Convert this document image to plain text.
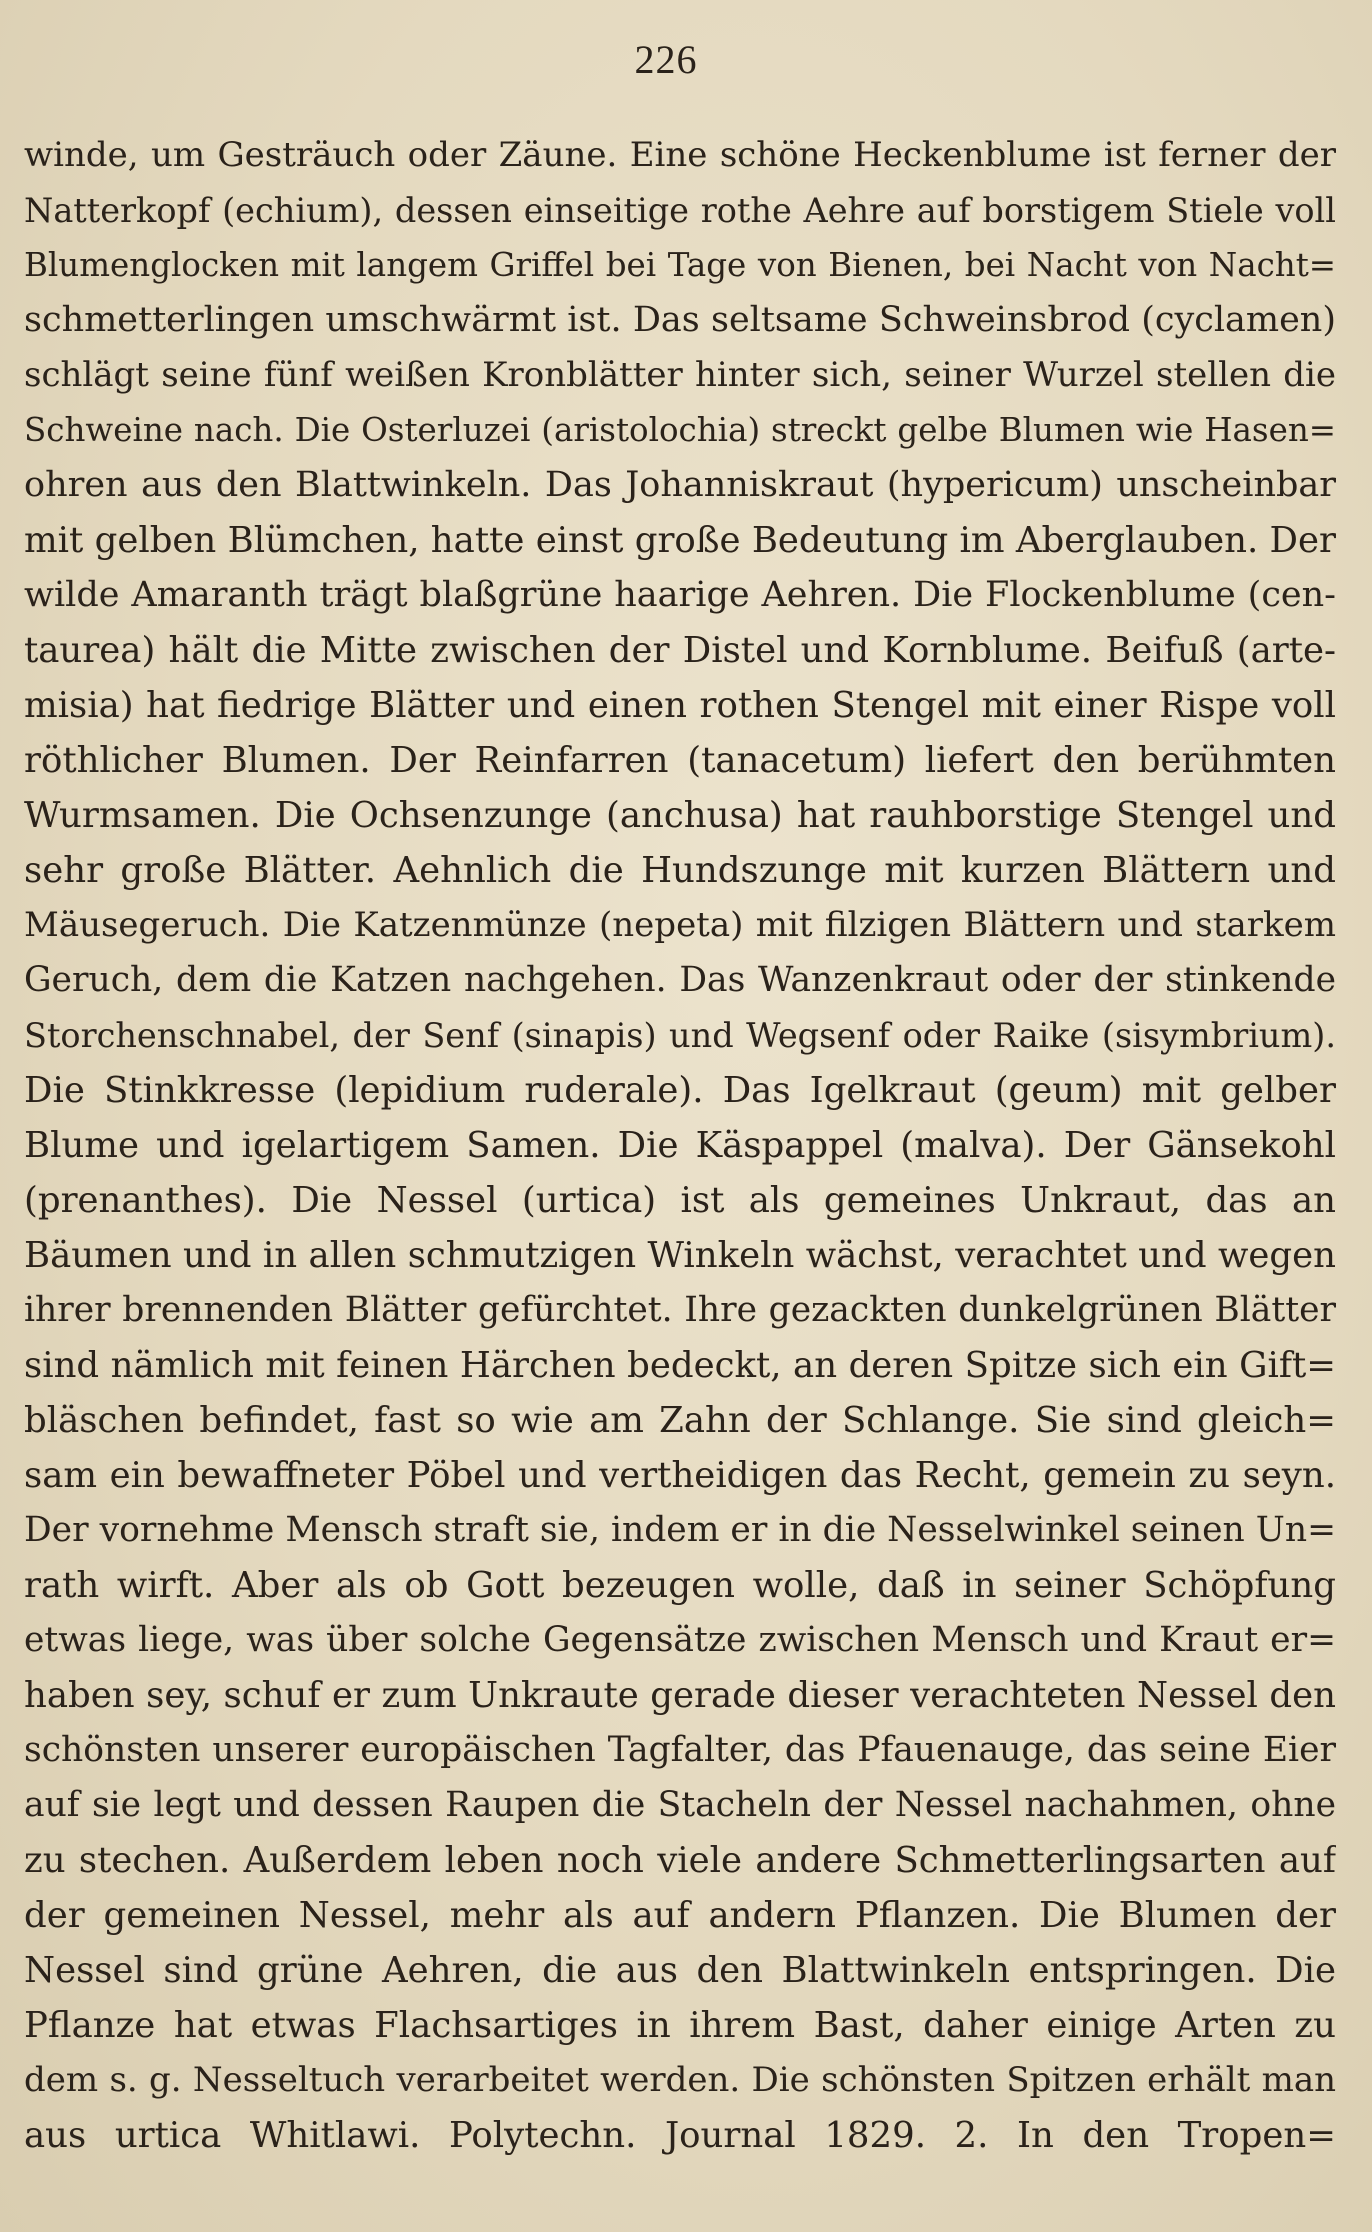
226
winde, um Gesträuch oder Zäune. Eine schöne Heckenblume ist ferner der
Natterkopf (echium), dessen einseitige rothe Aehre auf borstigem Stiele voll
Blumenglocken mit langem Griffel bei Tage von Bienen, bei Nacht von Nacht=
schmetterlingen umschwärmt ist. Das seltsame Schweinsbrod (cyclamen)
schlägt seine fünf weißen Kronblätter hinter sich, seiner Wurzel stellen die
Schweine nach. Die Osterluzei (aristolochia) streckt gelbe Blumen wie Hasen=
ohren aus den Blattwinkeln. Das Johanniskraut (hypericum) unscheinbar
mit gelben Blümchen, hatte einst große Bedeutung im Aberglauben. Der
wilde Amaranth trägt blaßgrüne haarige Aehren. Die Flockenblume (cen-
taurea) hält die Mitte zwischen der Distel und Kornblume. Beifuß (arte-
misia) hat fiedrige Blätter und einen rothen Stengel mit einer Rispe voll
röthlicher Blumen. Der Reinfarren (tanacetum) liefert den berühmten
Wurmsamen. Die Ochsenzunge (anchusa) hat rauhborstige Stengel und
sehr große Blätter. Aehnlich die Hundszunge mit kurzen Blättern und
Mäusegeruch. Die Katzenmünze (nepeta) mit filzigen Blättern und starkem
Geruch, dem die Katzen nachgehen. Das Wanzenkraut oder der stinkende
Storchenschnabel, der Senf (sinapis) und Wegsenf oder Raike (sisymbrium).
Die Stinkkresse (lepidium ruderale). Das Igelkraut (geum) mit gelber
Blume und igelartigem Samen. Die Käspappel (malva). Der Gänsekohl
(prenanthes). Die Nessel (urtica) ist als gemeines Unkraut, das an
Bäumen und in allen schmutzigen Winkeln wächst, verachtet und wegen
ihrer brennenden Blätter gefürchtet. Ihre gezackten dunkelgrünen Blätter
sind nämlich mit feinen Härchen bedeckt, an deren Spitze sich ein Gift=
bläschen befindet, fast so wie am Zahn der Schlange. Sie sind gleich=
sam ein bewaffneter Pöbel und vertheidigen das Recht, gemein zu seyn.
Der vornehme Mensch straft sie, indem er in die Nesselwinkel seinen Un=
rath wirft. Aber als ob Gott bezeugen wolle, daß in seiner Schöpfung
etwas liege, was über solche Gegensätze zwischen Mensch und Kraut er=
haben sey, schuf er zum Unkraute gerade dieser verachteten Nessel den
schönsten unserer europäischen Tagfalter, das Pfauenauge, das seine Eier
auf sie legt und dessen Raupen die Stacheln der Nessel nachahmen, ohne
zu stechen. Außerdem leben noch viele andere Schmetterlingsarten auf
der gemeinen Nessel, mehr als auf andern Pflanzen. Die Blumen der
Nessel sind grüne Aehren, die aus den Blattwinkeln entspringen. Die
Pflanze hat etwas Flachsartiges in ihrem Bast, daher einige Arten zu
dem s. g. Nesseltuch verarbeitet werden. Die schönsten Spitzen erhält man
aus urtica Whitlawi. Polytechn. Journal 1829. 2. In den Tropen=
